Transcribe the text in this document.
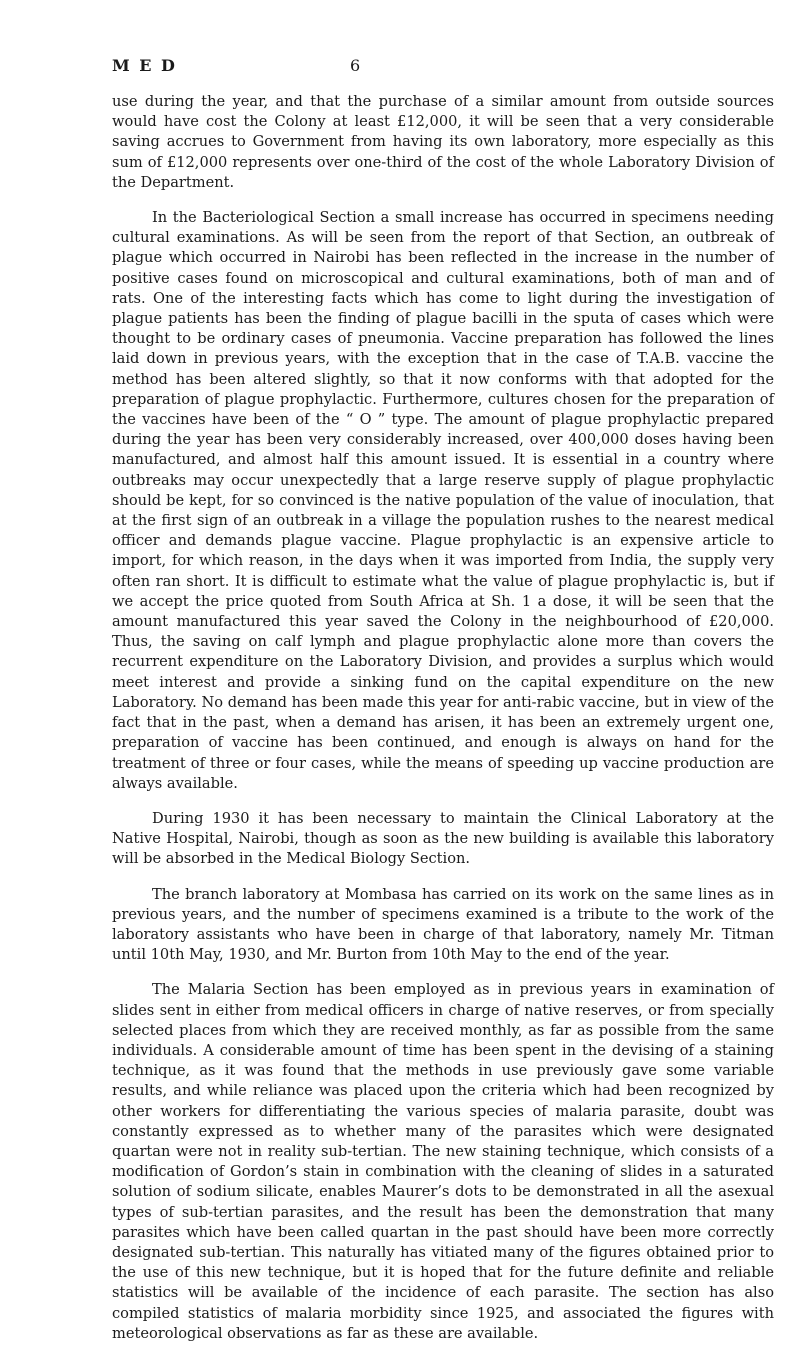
M E D	6

use during the year, and that the purchase of a similar amount from outside sources would have cost the Colony at least £12,000, it will be seen that a very considerable saving accrues to Government from having its own laboratory, more especially as this sum of £12,000 represents over one-third of the cost of the whole Laboratory Division of the Department.

In the Bacteriological Section a small increase has occurred in specimens needing cultural examinations. As will be seen from the report of that Section, an outbreak of plague which occurred in Nairobi has been reflected in the increase in the number of positive cases found on microscopical and cultural examinations, both of man and of rats. One of the interesting facts which has come to light during the investigation of plague patients has been the finding of plague bacilli in the sputa of cases which were thought to be ordinary cases of pneumonia. Vaccine preparation has followed the lines laid down in previous years, with the exception that in the case of T.A.B. vaccine the method has been altered slightly, so that it now conforms with that adopted for the preparation of plague prophylactic. Furthermore, cultures chosen for the preparation of the vaccines have been of the “ O ” type. The amount of plague prophylactic prepared during the year has been very considerably increased, over 400,000 doses having been manufactured, and almost half this amount issued. It is essential in a country where outbreaks may occur unexpectedly that a large reserve supply of plague prophylactic should be kept, for so convinced is the native population of the value of inoculation, that at the first sign of an outbreak in a village the population rushes to the nearest medical officer and demands plague vaccine. Plague prophylactic is an expensive article to import, for which reason, in the days when it was imported from India, the supply very often ran short. It is difficult to estimate what the value of plague prophylactic is, but if we accept the price quoted from South Africa at Sh. 1 a dose, it will be seen that the amount manufactured this year saved the Colony in the neighbourhood of £20,000. Thus, the saving on calf lymph and plague prophylactic alone more than covers the recurrent expenditure on the Laboratory Division, and provides a surplus which would meet interest and provide a sinking fund on the capital expenditure on the new Laboratory. No demand has been made this year for anti-rabic vaccine, but in view of the fact that in the past, when a demand has arisen, it has been an extremely urgent one, preparation of vaccine has been continued, and enough is always on hand for the treatment of three or four cases, while the means of speeding up vaccine production are always available.

During 1930 it has been necessary to maintain the Clinical Laboratory at the Native Hospital, Nairobi, though as soon as the new building is available this laboratory will be absorbed in the Medical Biology Section.

The branch laboratory at Mombasa has carried on its work on the same lines as in previous years, and the number of specimens examined is a tribute to the work of the laboratory assistants who have been in charge of that laboratory, namely Mr. Titman until 10th May, 1930, and Mr. Burton from 10th May to the end of the year.

The Malaria Section has been employed as in previous years in examination of slides sent in either from medical officers in charge of native reserves, or from specially selected places from which they are received monthly, as far as possible from the same individuals. A considerable amount of time has been spent in the devising of a staining technique, as it was found that the methods in use previously gave some variable results, and while reliance was placed upon the criteria which had been recognized by other workers for differentiating the various species of malaria parasite, doubt was constantly expressed as to whether many of the parasites which were designated quartan were not in reality sub-tertian. The new staining technique, which consists of a modification of Gordon’s stain in combination with the cleaning of slides in a saturated solution of sodium silicate, enables Maurer’s dots to be demonstrated in all the asexual types of sub-tertian parasites, and the result has been the demonstration that many parasites which have been called quartan in the past should have been more correctly designated sub-tertian. This naturally has vitiated many of the figures obtained prior to the use of this new technique, but it is hoped that for the future definite and reliable statistics will be available of the incidence of each parasite. The section has also compiled statistics of malaria morbidity since 1925, and associated the figures with meteorological observations as far as these are available.
